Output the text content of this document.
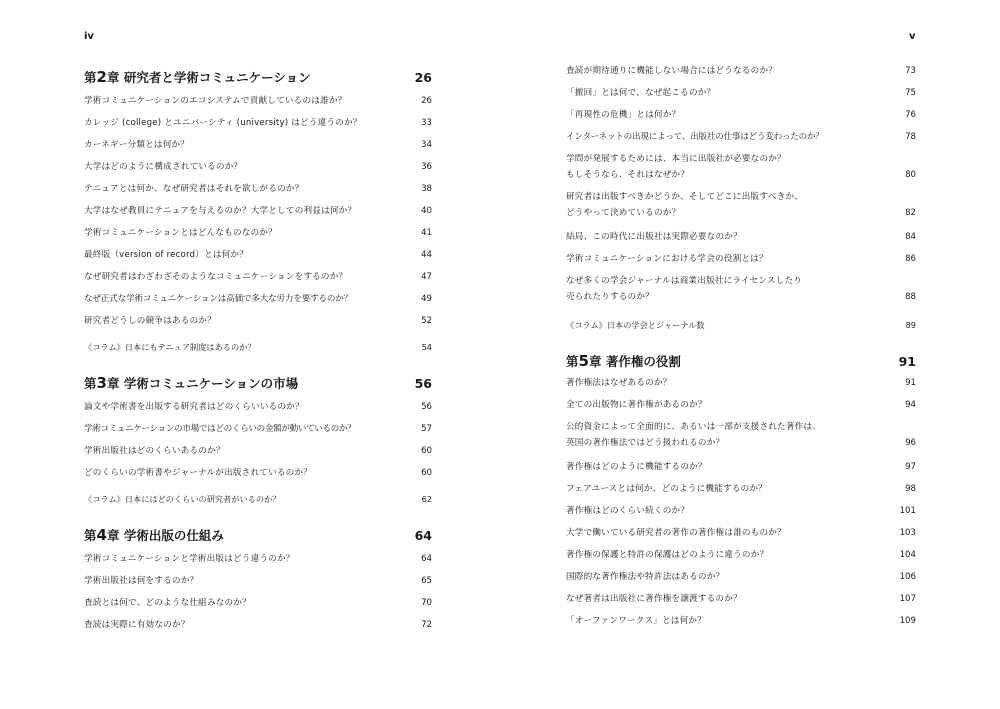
iv	v
第2章 研究者と学術コミュニケーション	26
学術コミュニケーションのエコシステムで貢献しているのは誰か？	26
カレッジ (college) とユニバーシティ (university) はどう違うのか？	33
カーネギー分類とは何か？	34
大学はどのように構成されているのか？	36
テニュアとは何か、なぜ研究者はそれを欲しがるのか？	38
大学はなぜ教員にテニュアを与えるのか？大学としての利益は何か？	40
学術コミュニケーションとはどんなものなのか？	41
最終版（version of record）とは何か？	44
なぜ研究者はわざわざそのようなコミュニケーションをするのか？	47
なぜ正式な学術コミュニケーションは高価で多大な労力を要するのか？	49
研究者どうしの競争はあるのか？	52
《コラム》日本にもテニュア制度はあるのか？	54
第3章 学術コミュニケーションの市場	56
論文や学術書を出版する研究者はどのくらいいるのか？	56
学術コミュニケーションの市場ではどのくらいの金額が動いているのか？	57
学術出版社はどのくらいあるのか？	60
どのくらいの学術書やジャーナルが出版されているのか？	60
《コラム》日本にはどのくらいの研究者がいるのか？	62
第4章 学術出版の仕組み	64
学術コミュニケーションと学術出版はどう違うのか？	64
学術出版社は何をするのか？	65
査読とは何で、どのような仕組みなのか？	70
査読は実際に有効なのか？	72
査読が期待通りに機能しない場合にはどうなるのか？	73
「撤回」とは何で、なぜ起こるのか？	75
「再現性の危機」とは何か？	76
インターネットの出現によって、出版社の仕事はどう変わったのか？	78
学問が発展するためには、本当に出版社が必要なのか？
もしそうなら、それはなぜか？	80
研究者は出版すべきかどうか、そしてどこに出版すべきか、
どうやって決めているのか？	82
結局、この時代に出版社は実際必要なのか？	84
学術コミュニケーションにおける学会の役割とは？	86
なぜ多くの学会ジャーナルは商業出版社にライセンスしたり
売られたりするのか？	88
《コラム》日本の学会とジャーナル数	89
第5章 著作権の役割	91
著作権法はなぜあるのか？	91
全ての出版物に著作権があるのか？	94
公的資金によって全面的に、あるいは一部が支援された著作は、
英国の著作権法ではどう扱われるのか？	96
著作権はどのように機能するのか？	97
フェアユースとは何か、どのように機能するのか？	98
著作権はどのくらい続くのか？	101
大学で働いている研究者の著作の著作権は誰のものか？	103
著作権の保護と特許の保護はどのように違うのか？	104
国際的な著作権法や特許法はあるのか？	106
なぜ著者は出版社に著作権を譲渡するのか？	107
「オーファンワークス」とは何か？	109
